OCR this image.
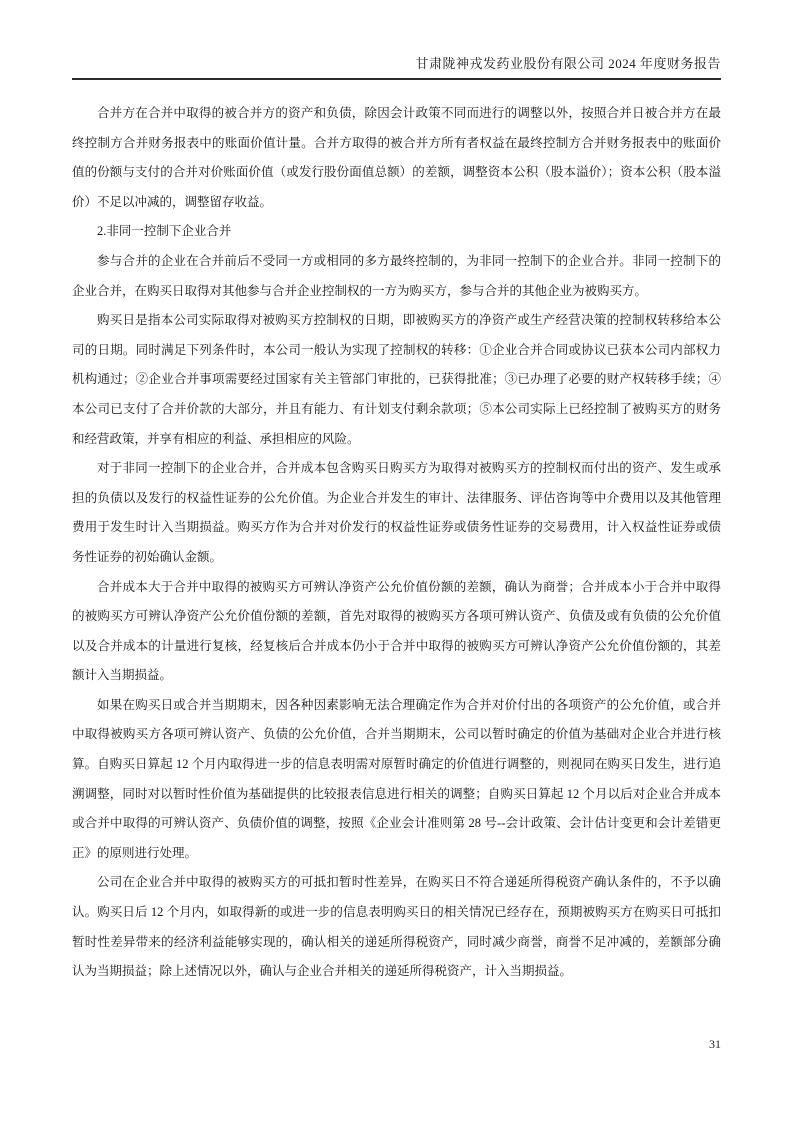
甘肃陇神戎发药业股份有限公司 2024 年度财务报告

合并方在合并中取得的被合并方的资产和负债，除因会计政策不同而进行的调整以外，按照合并日被合并方在最终控制方合并财务报表中的账面价值计量。合并方取得的被合并方所有者权益在最终控制方合并财务报表中的账面价值的份额与支付的合并对价账面价值（或发行股份面值总额）的差额，调整资本公积（股本溢价）；资本公积（股本溢价）不足以冲减的，调整留存收益。

2.非同一控制下企业合并

参与合并的企业在合并前后不受同一方或相同的多方最终控制的，为非同一控制下的企业合并。非同一控制下的企业合并，在购买日取得对其他参与合并企业控制权的一方为购买方，参与合并的其他企业为被购买方。

购买日是指本公司实际取得对被购买方控制权的日期，即被购买方的净资产或生产经营决策的控制权转移给本公司的日期。同时满足下列条件时，本公司一般认为实现了控制权的转移：①企业合并合同或协议已获本公司内部权力机构通过；②企业合并事项需要经过国家有关主管部门审批的，已获得批准；③已办理了必要的财产权转移手续；④本公司已支付了合并价款的大部分，并且有能力、有计划支付剩余款项；⑤本公司实际上已经控制了被购买方的财务和经营政策，并享有相应的利益、承担相应的风险。

对于非同一控制下的企业合并，合并成本包含购买日购买方为取得对被购买方的控制权而付出的资产、发生或承担的负债以及发行的权益性证券的公允价值。为企业合并发生的审计、法律服务、评估咨询等中介费用以及其他管理费用于发生时计入当期损益。购买方作为合并对价发行的权益性证券或债务性证券的交易费用，计入权益性证券或债务性证券的初始确认金额。

合并成本大于合并中取得的被购买方可辨认净资产公允价值份额的差额，确认为商誉；合并成本小于合并中取得的被购买方可辨认净资产公允价值份额的差额，首先对取得的被购买方各项可辨认资产、负债及或有负债的公允价值以及合并成本的计量进行复核，经复核后合并成本仍小于合并中取得的被购买方可辨认净资产公允价值份额的，其差额计入当期损益。

如果在购买日或合并当期期末，因各种因素影响无法合理确定作为合并对价付出的各项资产的公允价值，或合并中取得被购买方各项可辨认资产、负债的公允价值，合并当期期末，公司以暂时确定的价值为基础对企业合并进行核算。自购买日算起 12 个月内取得进一步的信息表明需对原暂时确定的价值进行调整的，则视同在购买日发生，进行追溯调整，同时对以暂时性价值为基础提供的比较报表信息进行相关的调整；自购买日算起 12 个月以后对企业合并成本或合并中取得的可辨认资产、负债价值的调整，按照《企业会计准则第 28 号--会计政策、会计估计变更和会计差错更正》的原则进行处理。

公司在企业合并中取得的被购买方的可抵扣暂时性差异，在购买日不符合递延所得税资产确认条件的，不予以确认。购买日后 12 个月内，如取得新的或进一步的信息表明购买日的相关情况已经存在，预期被购买方在购买日可抵扣暂时性差异带来的经济利益能够实现的，确认相关的递延所得税资产，同时减少商誉，商誉不足冲减的，差额部分确认为当期损益；除上述情况以外，确认与企业合并相关的递延所得税资产，计入当期损益。

31
